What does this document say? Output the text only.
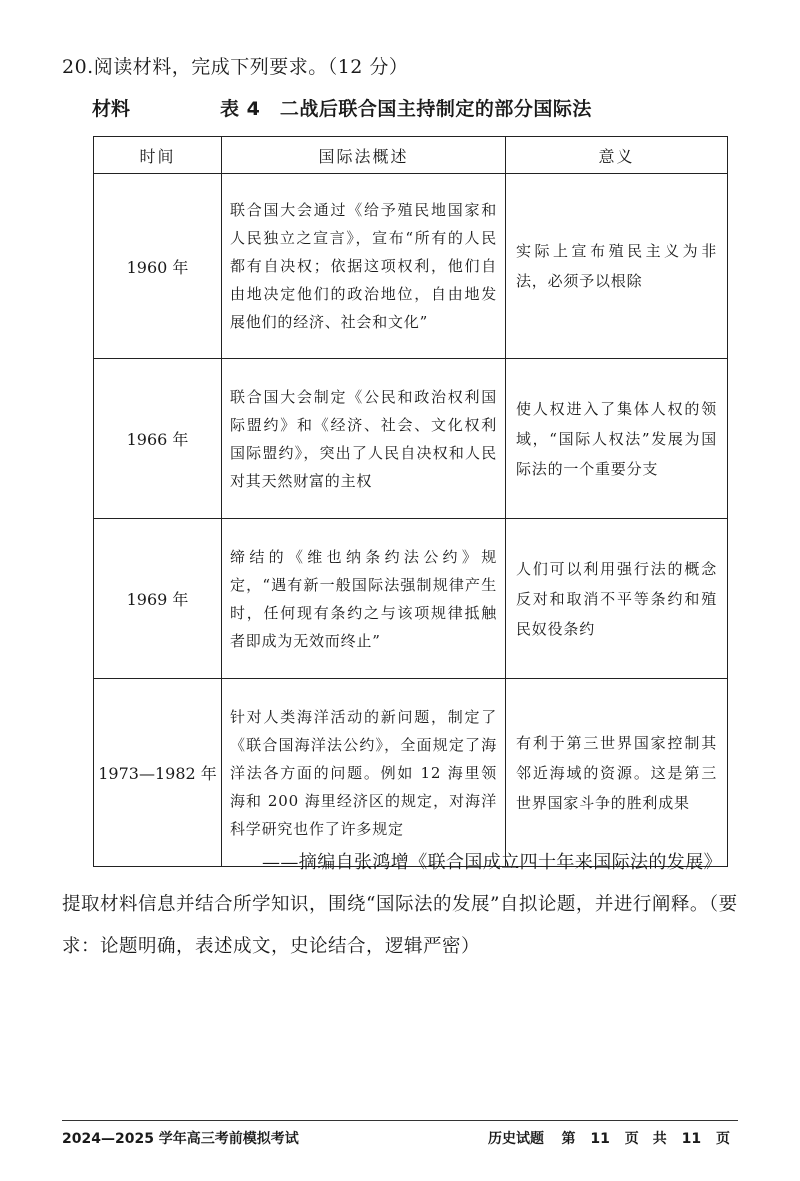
20.阅读材料，完成下列要求。（12 分）
材料	表 4　二战后联合国主持制定的部分国际法
时间	国际法概述	意义
1960 年	联合国大会通过《给予殖民地国家和人民独立之宣言》，宣布“所有的人民都有自决权；依据这项权利，他们自由地决定他们的政治地位，自由地发展他们的经济、社会和文化”	实际上宣布殖民主义为非法，必须予以根除
1966 年	联合国大会制定《公民和政治权利国际盟约》和《经济、社会、文化权利国际盟约》，突出了人民自决权和人民对其天然财富的主权	使人权进入了集体人权的领域，“国际人权法”发展为国际法的一个重要分支
1969 年	缔结的《维也纳条约法公约》规定，“遇有新一般国际法强制规律产生时，任何现有条约之与该项规律抵触者即成为无效而终止”	人们可以利用强行法的概念反对和取消不平等条约和殖民奴役条约
1973—1982 年	针对人类海洋活动的新问题，制定了《联合国海洋法公约》，全面规定了海洋法各方面的问题。例如 12 海里领海和 200 海里经济区的规定，对海洋科学研究也作了许多规定	有利于第三世界国家控制其邻近海域的资源。这是第三世界国家斗争的胜利成果
——摘编自张鸿增《联合国成立四十年来国际法的发展》
提取材料信息并结合所学知识，围绕“国际法的发展”自拟论题，并进行阐释。（要求：论题明确，表述成文，史论结合，逻辑严密）
2024—2025 学年高三考前模拟考试	历史试题 第 11 页　共 11 页
